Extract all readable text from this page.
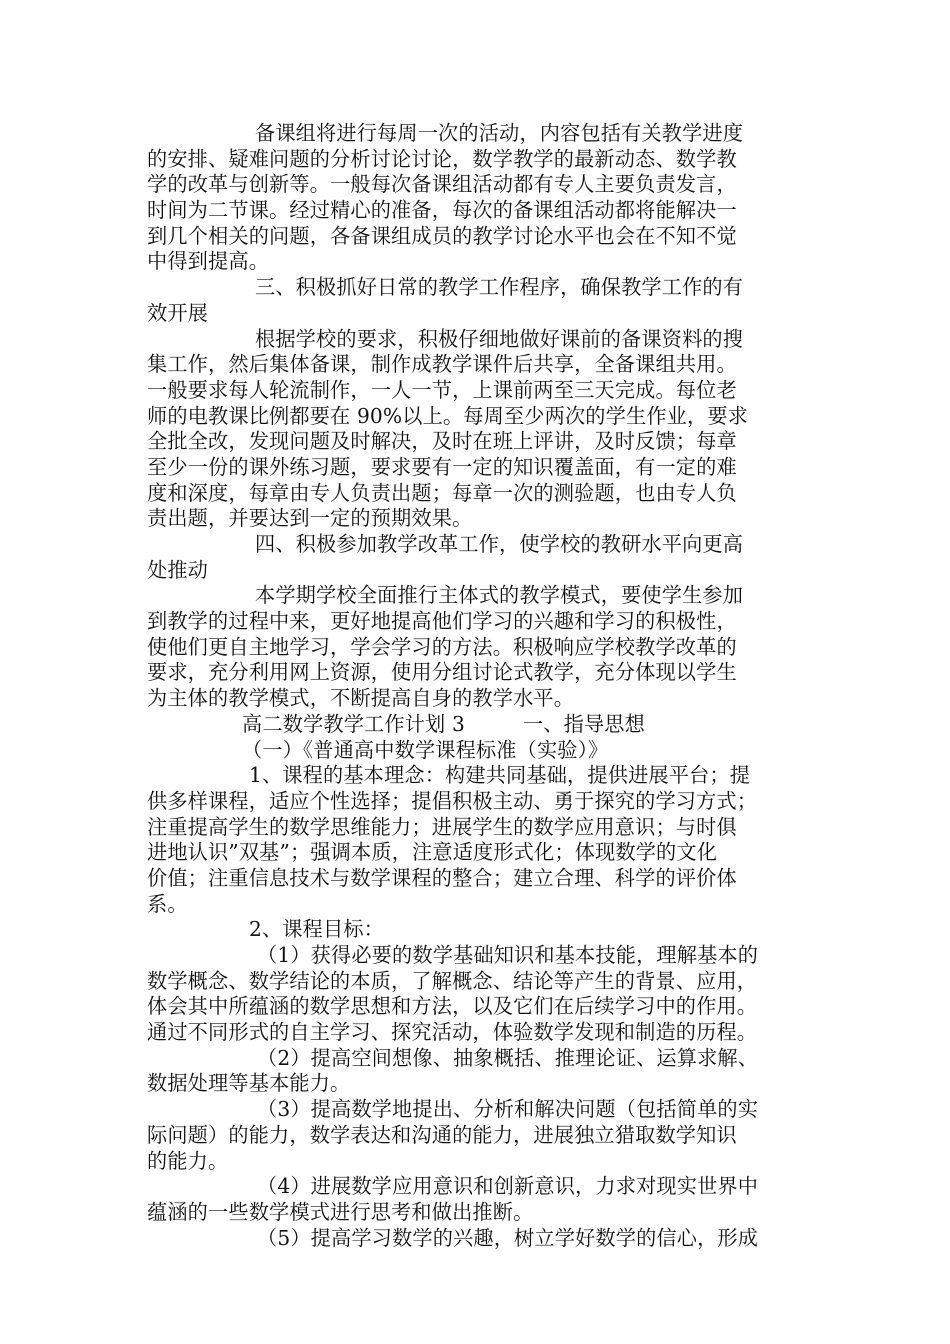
备课组将进行每周一次的活动，内容包括有关教学进度
的安排、疑难问题的分析讨论讨论，数学教学的最新动态、数学教
学的改革与创新等。一般每次备课组活动都有专人主要负责发言，
时间为二节课。经过精心的准备，每次的备课组活动都将能解决一
到几个相关的问题，各备课组成员的教学讨论水平也会在不知不觉
中得到提高。
三、积极抓好日常的教学工作程序，确保教学工作的有
效开展
根据学校的要求，积极仔细地做好课前的备课资料的搜
集工作，然后集体备课，制作成教学课件后共享，全备课组共用。
一般要求每人轮流制作，一人一节，上课前两至三天完成。每位老
师的电教课比例都要在 90%以上。每周至少两次的学生作业，要求
全批全改，发现问题及时解决，及时在班上评讲，及时反馈；每章
至少一份的课外练习题，要求要有一定的知识覆盖面，有一定的难
度和深度，每章由专人负责出题；每章一次的测验题，也由专人负
责出题，并要达到一定的预期效果。
四、积极参加教学改革工作，使学校的教研水平向更高
处推动
本学期学校全面推行主体式的教学模式，要使学生参加
到教学的过程中来，更好地提高他们学习的兴趣和学习的积极性，
使他们更自主地学习，学会学习的方法。积极响应学校教学改革的
要求，充分利用网上资源，使用分组讨论式教学，充分体现以学生
为主体的教学模式，不断提高自身的教学水平。
高二数学教学工作计划 3	一、指导思想
（一）《普通高中数学课程标准（实验）》
1、课程的基本理念：构建共同基础，提供进展平台；提
供多样课程，适应个性选择；提倡积极主动、勇于探究的学习方式；
注重提高学生的数学思维能力；进展学生的数学应用意识；与时俱
进地认识”双基”；强调本质，注意适度形式化；体现数学的文化
价值；注重信息技术与数学课程的整合；建立合理、科学的评价体
系。
2、课程目标：
（1）获得必要的数学基础知识和基本技能，理解基本的
数学概念、数学结论的本质，了解概念、结论等产生的背景、应用，
体会其中所蕴涵的数学思想和方法，以及它们在后续学习中的作用。
通过不同形式的自主学习、探究活动，体验数学发现和制造的历程。
（2）提高空间想像、抽象概括、推理论证、运算求解、
数据处理等基本能力。
（3）提高数学地提出、分析和解决问题（包括简单的实
际问题）的能力，数学表达和沟通的能力，进展独立猎取数学知识
的能力。
（4）进展数学应用意识和创新意识，力求对现实世界中
蕴涵的一些数学模式进行思考和做出推断。
（5）提高学习数学的兴趣，树立学好数学的信心，形成
